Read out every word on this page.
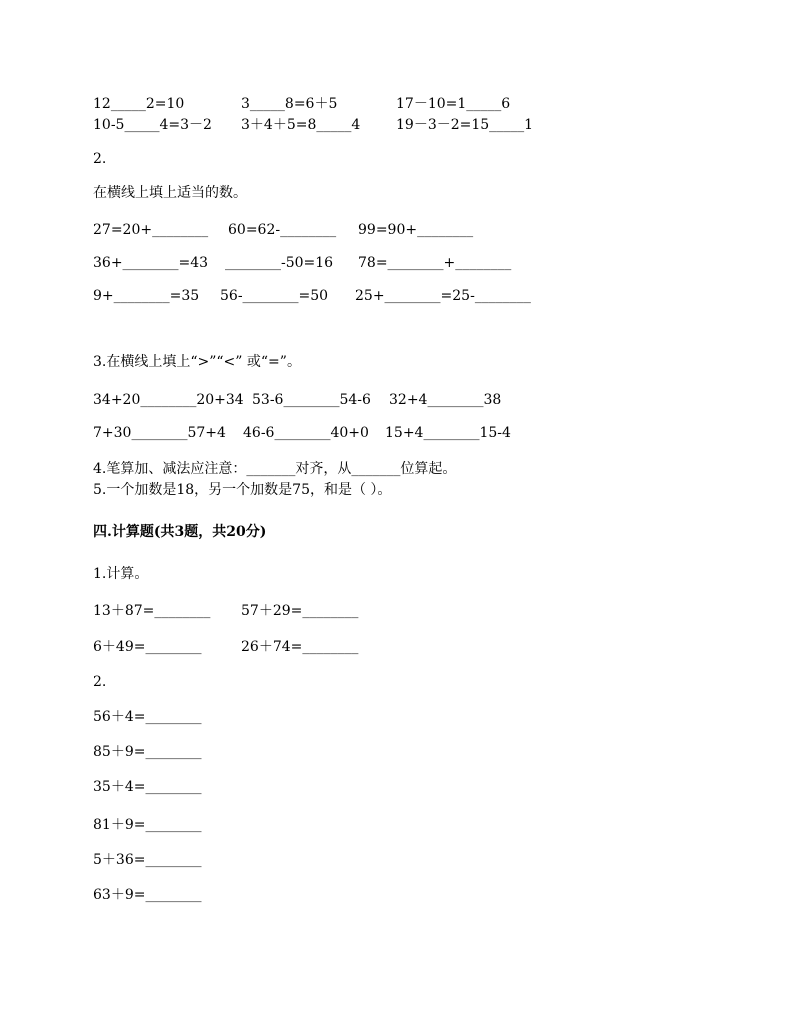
12_____2=10	3_____8=6＋5	17－10=1_____6
10-5_____4=3－2 3＋4＋5=8_____4	19－3－2=15_____1
2.
在横线上填上适当的数。
27=20+________ 60=62-________ 99=90+________
36+________=43 ________-50=16 78=________+________
9+________=35 56-________=50 25+________=25-________
3.在横线上填上“>”“<” 或“=”。
34+20________20+34 53-6________54-6 32+4________38
7+30________57+4 46-6________40+0 15+4________15-4
4.笔算加、减法应注意：_______对齐，从_______位算起。
5.一个加数是18，另一个加数是75，和是（ ）。
四.计算题(共3题，共20分)
1.计算。
13＋87=________ 57＋29=________
6＋49=________	26＋74=________
2.
56＋4=________
85＋9=________
35＋4=________
81＋9=________
5＋36=________
63＋9=________
